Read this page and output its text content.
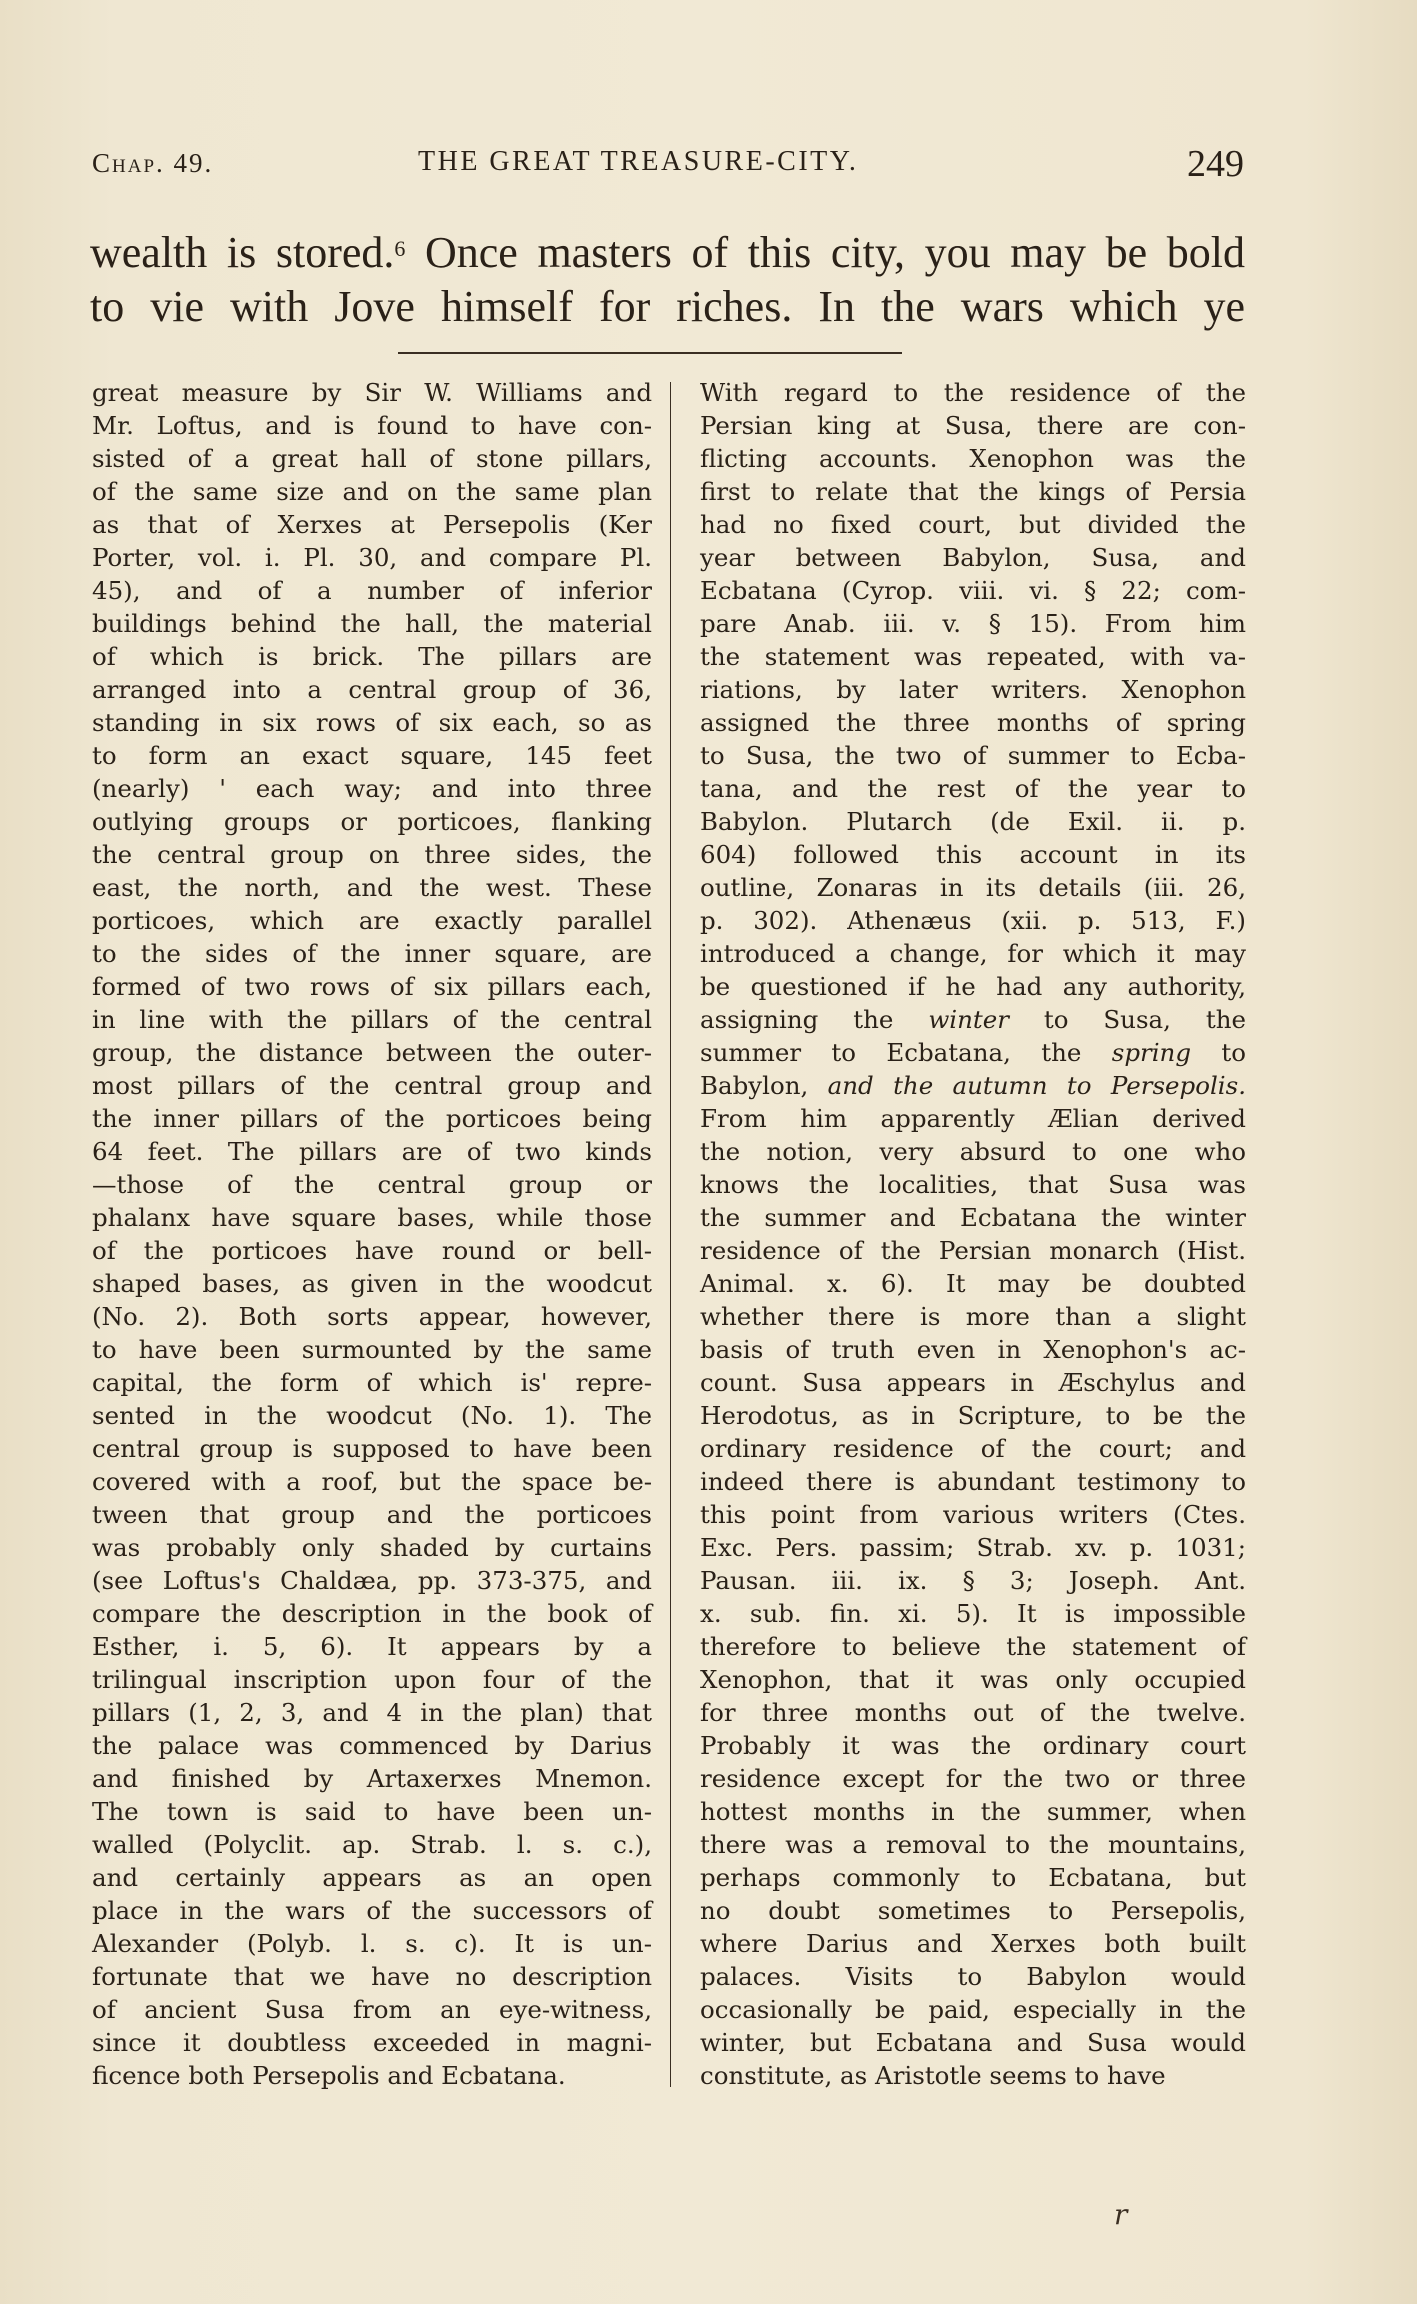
Chap. 49.	THE GREAT TREASURE-CITY.	249
wealth is stored.$^6$ Once masters of this city, you may be bold
to vie with Jove himself for riches. In the wars which ye
great measure by Sir W. Williams and
Mr. Loftus, and is found to have con-
sisted of a great hall of stone pillars,
of the same size and on the same plan
as that of Xerxes at Persepolis (Ker
Porter, vol. i. Pl. 30, and compare Pl.
45), and of a number of inferior
buildings behind the hall, the material
of which is brick. The pillars are
arranged into a central group of 36,
standing in six rows of six each, so as
to form an exact square, 145 feet
(nearly) ' each way; and into three
outlying groups or porticoes, flanking
the central group on three sides, the
east, the north, and the west. These
porticoes, which are exactly parallel
to the sides of the inner square, are
formed of two rows of six pillars each,
in line with the pillars of the central
group, the distance between the outer-
most pillars of the central group and
the inner pillars of the porticoes being
64 feet. The pillars are of two kinds
—those of the central group or
phalanx have square bases, while those
of the porticoes have round or bell-
shaped bases, as given in the woodcut
(No. 2). Both sorts appear, however,
to have been surmounted by the same
capital, the form of which is' repre-
sented in the woodcut (No. 1). The
central group is supposed to have been
covered with a roof, but the space be-
tween that group and the porticoes
was probably only shaded by curtains
(see Loftus's Chaldæa, pp. 373-375, and
compare the description in the book of
Esther, i. 5, 6). It appears by a
trilingual inscription upon four of the
pillars (1, 2, 3, and 4 in the plan) that
the palace was commenced by Darius
and finished by Artaxerxes Mnemon.
The town is said to have been un-
walled (Polyclit. ap. Strab. l. s. c.),
and certainly appears as an open
place in the wars of the successors of
Alexander (Polyb. l. s. c). It is un-
fortunate that we have no description
of ancient Susa from an eye-witness,
since it doubtless exceeded in magni-
ficence both Persepolis and Ecbatana.
With regard to the residence of the
Persian king at Susa, there are con-
flicting accounts. Xenophon was the
first to relate that the kings of Persia
had no fixed court, but divided the
year between Babylon, Susa, and
Ecbatana (Cyrop. viii. vi. § 22; com-
pare Anab. iii. v. § 15). From him
the statement was repeated, with va-
riations, by later writers. Xenophon
assigned the three months of spring
to Susa, the two of summer to Ecba-
tana, and the rest of the year to
Babylon. Plutarch (de Exil. ii. p.
604) followed this account in its
outline, Zonaras in its details (iii. 26,
p. 302). Athenæus (xii. p. 513, F.)
introduced a change, for which it may
be questioned if he had any authority,
assigning the winter to Susa, the
summer to Ecbatana, the spring to
Babylon, and the autumn to Persepolis.
From him apparently Ælian derived
the notion, very absurd to one who
knows the localities, that Susa was
the summer and Ecbatana the winter
residence of the Persian monarch (Hist.
Animal. x. 6). It may be doubted
whether there is more than a slight
basis of truth even in Xenophon's ac-
count. Susa appears in Æschylus and
Herodotus, as in Scripture, to be the
ordinary residence of the court; and
indeed there is abundant testimony to
this point from various writers (Ctes.
Exc. Pers. passim; Strab. xv. p. 1031;
Pausan. iii. ix. § 3; Joseph. Ant.
x. sub. fin. xi. 5). It is impossible
therefore to believe the statement of
Xenophon, that it was only occupied
for three months out of the twelve.
Probably it was the ordinary court
residence except for the two or three
hottest months in the summer, when
there was a removal to the mountains,
perhaps commonly to Ecbatana, but
no doubt sometimes to Persepolis,
where Darius and Xerxes both built
palaces. Visits to Babylon would
occasionally be paid, especially in the
winter, but Ecbatana and Susa would
constitute, as Aristotle seems to have
r
